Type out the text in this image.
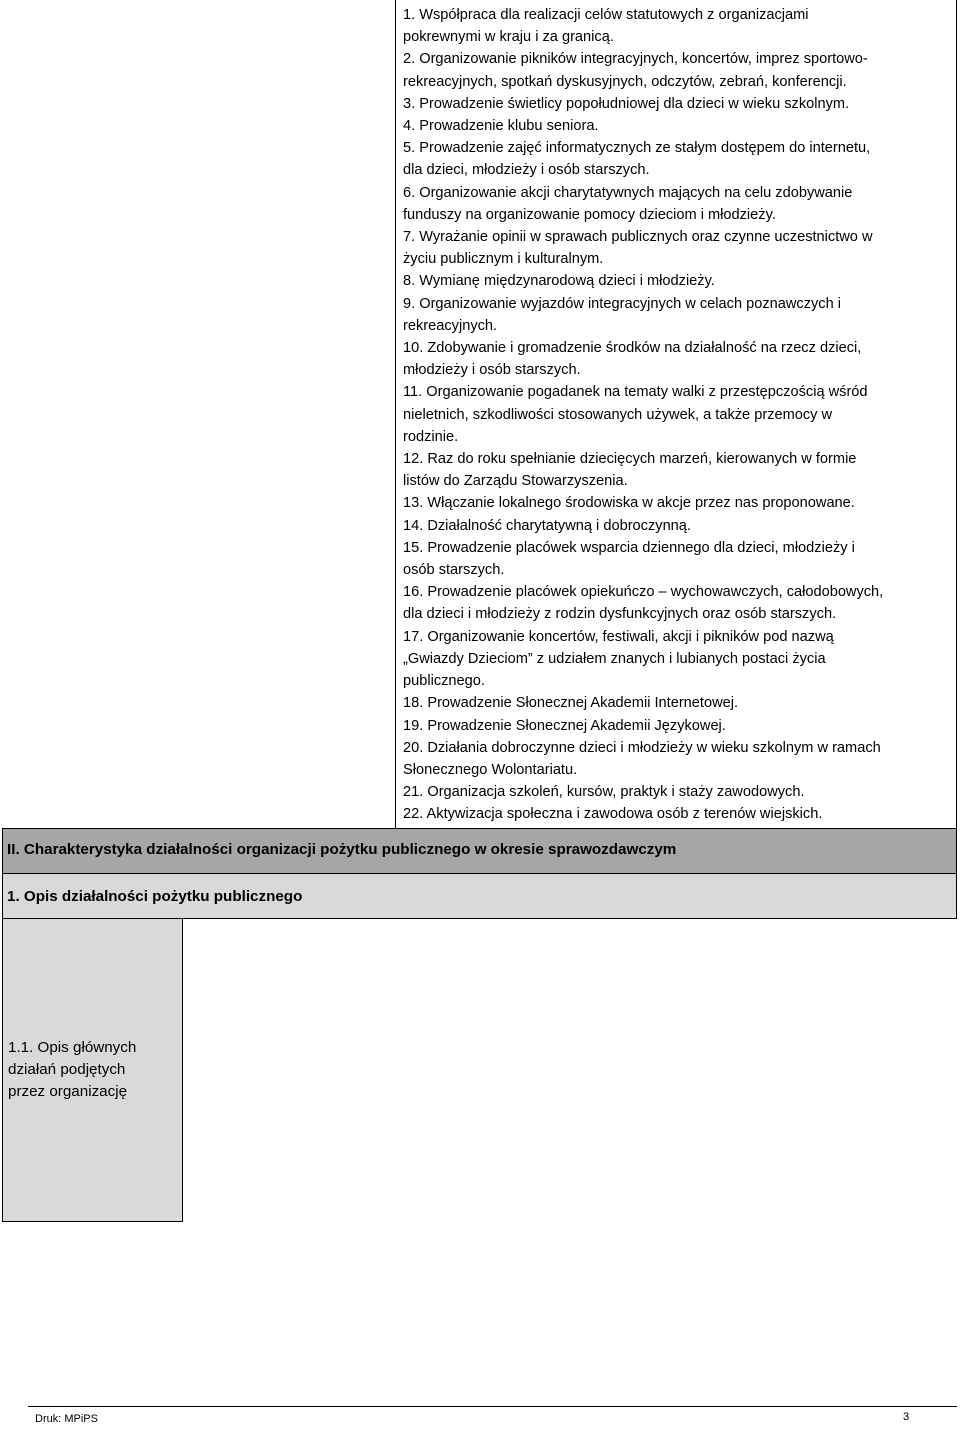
1. Współpraca dla realizacji celów statutowych z organizacjami
pokrewnymi w kraju i za granicą.
2. Organizowanie pikników integracyjnych, koncertów, imprez sportowo-
rekreacyjnych, spotkań dyskusyjnych, odczytów, zebrań, konferencji.
3. Prowadzenie świetlicy popołudniowej dla dzieci w wieku szkolnym.
4. Prowadzenie klubu seniora.
5. Prowadzenie zajęć informatycznych ze stałym dostępem do internetu,
dla dzieci, młodzieży i osób starszych.
6. Organizowanie akcji charytatywnych mających na celu zdobywanie
funduszy na organizowanie pomocy dzieciom i młodzieży.
7. Wyrażanie opinii w sprawach publicznych oraz czynne uczestnictwo w
życiu publicznym i kulturalnym.
8. Wymianę międzynarodową dzieci i młodzieży.
9. Organizowanie wyjazdów integracyjnych w celach poznawczych i
rekreacyjnych.
10. Zdobywanie i gromadzenie środków na działalność na rzecz dzieci,
młodzieży i osób starszych.
11. Organizowanie pogadanek na tematy walki z przestępczością wśród
nieletnich, szkodliwości stosowanych używek, a także przemocy w
rodzinie.
12. Raz do roku spełnianie dziecięcych marzeń, kierowanych w formie
listów do Zarządu Stowarzyszenia.
13. Włączanie lokalnego środowiska w akcje przez nas proponowane.
14. Działalność charytatywną i dobroczynną.
15. Prowadzenie placówek wsparcia dziennego dla dzieci, młodzieży i
osób starszych.
16. Prowadzenie placówek opiekuńczo – wychowawczych, całodobowych,
dla dzieci i młodzieży z rodzin dysfunkcyjnych oraz osób starszych.
17. Organizowanie koncertów, festiwali, akcji i pikników pod nazwą
„Gwiazdy Dzieciom” z udziałem znanych i lubianych postaci życia
publicznego.
18. Prowadzenie Słonecznej Akademii Internetowej.
19. Prowadzenie Słonecznej Akademii Językowej.
20. Działania dobroczynne dzieci i młodzieży w wieku szkolnym w ramach
Słonecznego Wolontariatu.
21. Organizacja szkoleń, kursów, praktyk i staży zawodowych.
22. Aktywizacja społeczna i zawodowa osób z terenów wiejskich.
II. Charakterystyka działalności organizacji pożytku publicznego w okresie sprawozdawczym
1. Opis działalności pożytku publicznego
1.1. Opis głównych
działań podjętych
przez organizację
Druk: MPiPS	3
